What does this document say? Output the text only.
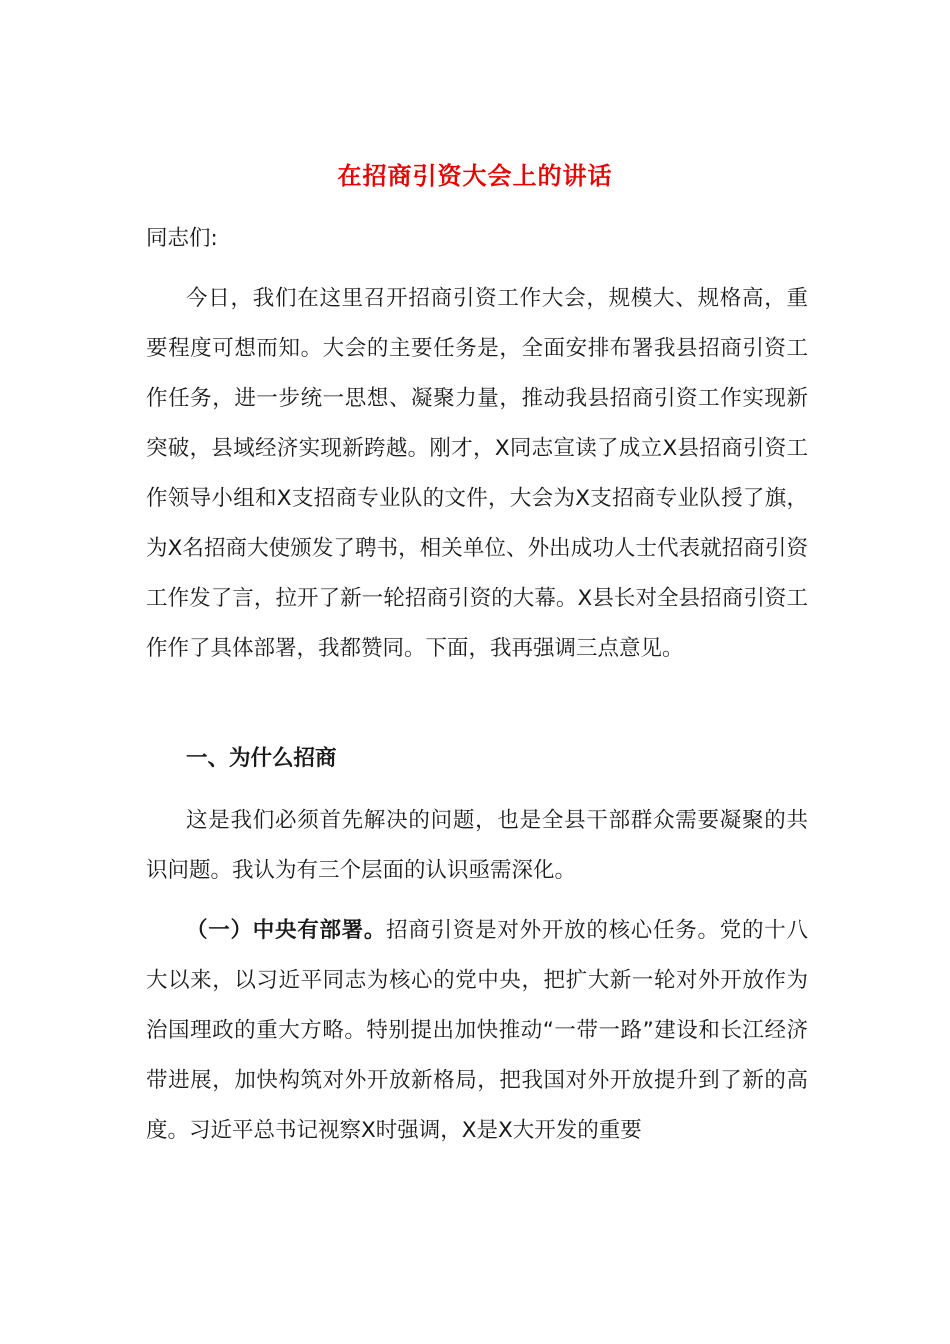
在招商引资大会上的讲话

同志们:

今日，我们在这里召开招商引资工作大会，规模大、规格高，重要程度可想而知。大会的主要任务是，全面安排布署我县招商引资工作任务，进一步统一思想、凝聚力量，推动我县招商引资工作实现新突破，县域经济实现新跨越。刚才，X同志宣读了成立X县招商引资工作领导小组和X支招商专业队的文件，大会为X支招商专业队授了旗，为X名招商大使颁发了聘书，相关单位、外出成功人士代表就招商引资工作发了言，拉开了新一轮招商引资的大幕。X县长对全县招商引资工作作了具体部署，我都赞同。下面，我再强调三点意见。

一、为什么招商

这是我们必须首先解决的问题，也是全县干部群众需要凝聚的共识问题。我认为有三个层面的认识亟需深化。

（一）中央有部署。招商引资是对外开放的核心任务。党的十八大以来，以习近平同志为核心的党中央，把扩大新一轮对外开放作为治国理政的重大方略。特别提出加快推动“一带一路”建设和长江经济带进展，加快构筑对外开放新格局，把我国对外开放提升到了新的高度。习近平总书记视察X时强调，X是X大开发的重要
